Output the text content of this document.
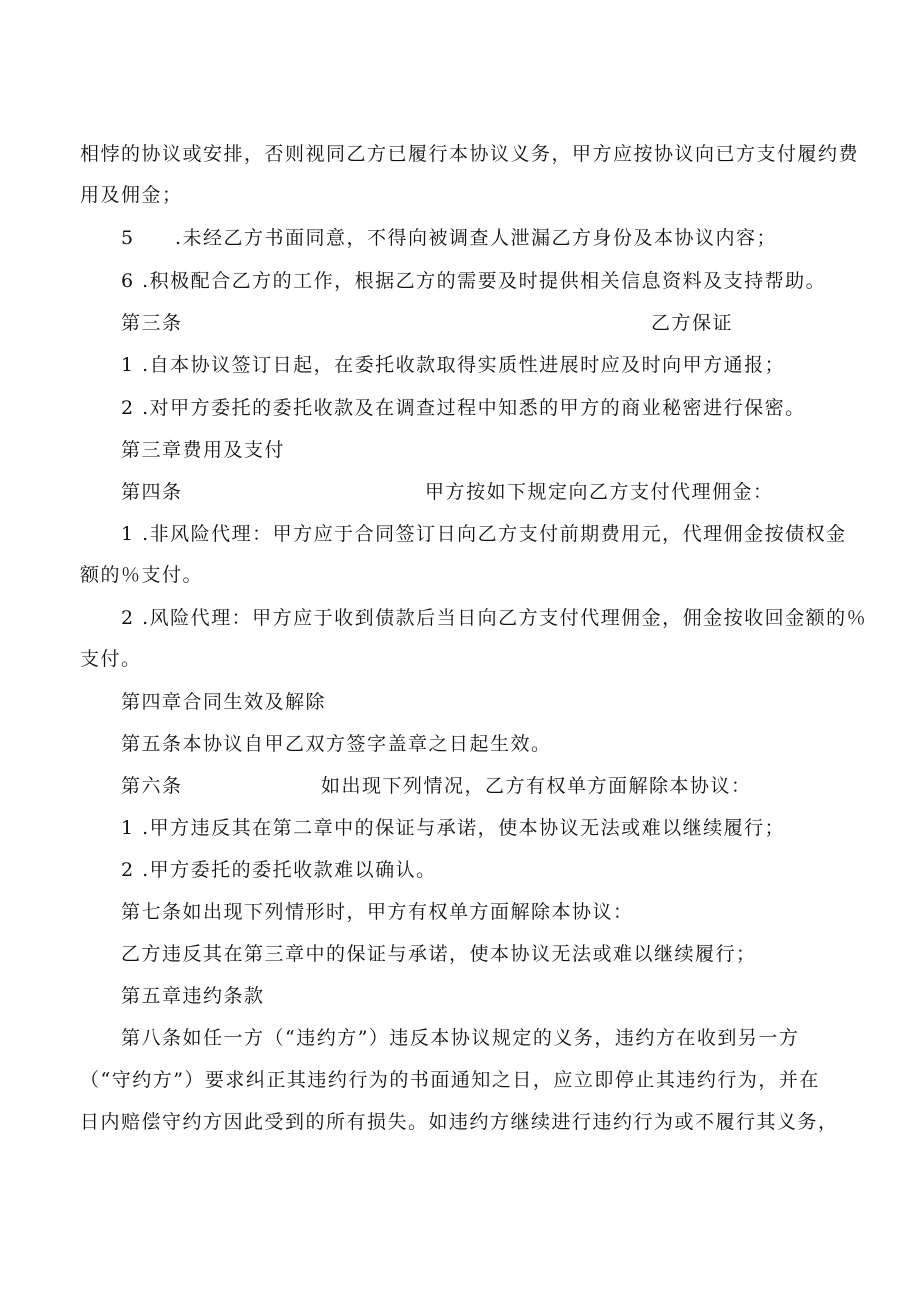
相悖的协议或安排，否则视同乙方已履行本协议义务，甲方应按协议向已方支付履约费
用及佣金；
5 .未经乙方书面同意，不得向被调查人泄漏乙方身份及本协议内容；
6 .积极配合乙方的工作，根据乙方的需要及时提供相关信息资料及支持帮助。
第三条	乙方保证
1 .自本协议签订日起，在委托收款取得实质性进展时应及时向甲方通报；
2 .对甲方委托的委托收款及在调查过程中知悉的甲方的商业秘密进行保密。
第三章费用及支付
第四条	甲方按如下规定向乙方支付代理佣金：
1 .非风险代理：甲方应于合同签订日向乙方支付前期费用元，代理佣金按债权金
额的％支付。
2 .风险代理：甲方应于收到债款后当日向乙方支付代理佣金，佣金按收回金额的％
支付。
第四章合同生效及解除
第五条本协议自甲乙双方签字盖章之日起生效。
第六条	如出现下列情况，乙方有权单方面解除本协议：
1 .甲方违反其在第二章中的保证与承诺，使本协议无法或难以继续履行；
2 .甲方委托的委托收款难以确认。
第七条如出现下列情形时，甲方有权单方面解除本协议：
乙方违反其在第三章中的保证与承诺，使本协议无法或难以继续履行；
第五章违约条款
第八条如任一方（“违约方”）违反本协议规定的义务，违约方在收到另一方
（“守约方”）要求纠正其违约行为的书面通知之日，应立即停止其违约行为，并在
日内赔偿守约方因此受到的所有损失。如违约方继续进行违约行为或不履行其义务，
